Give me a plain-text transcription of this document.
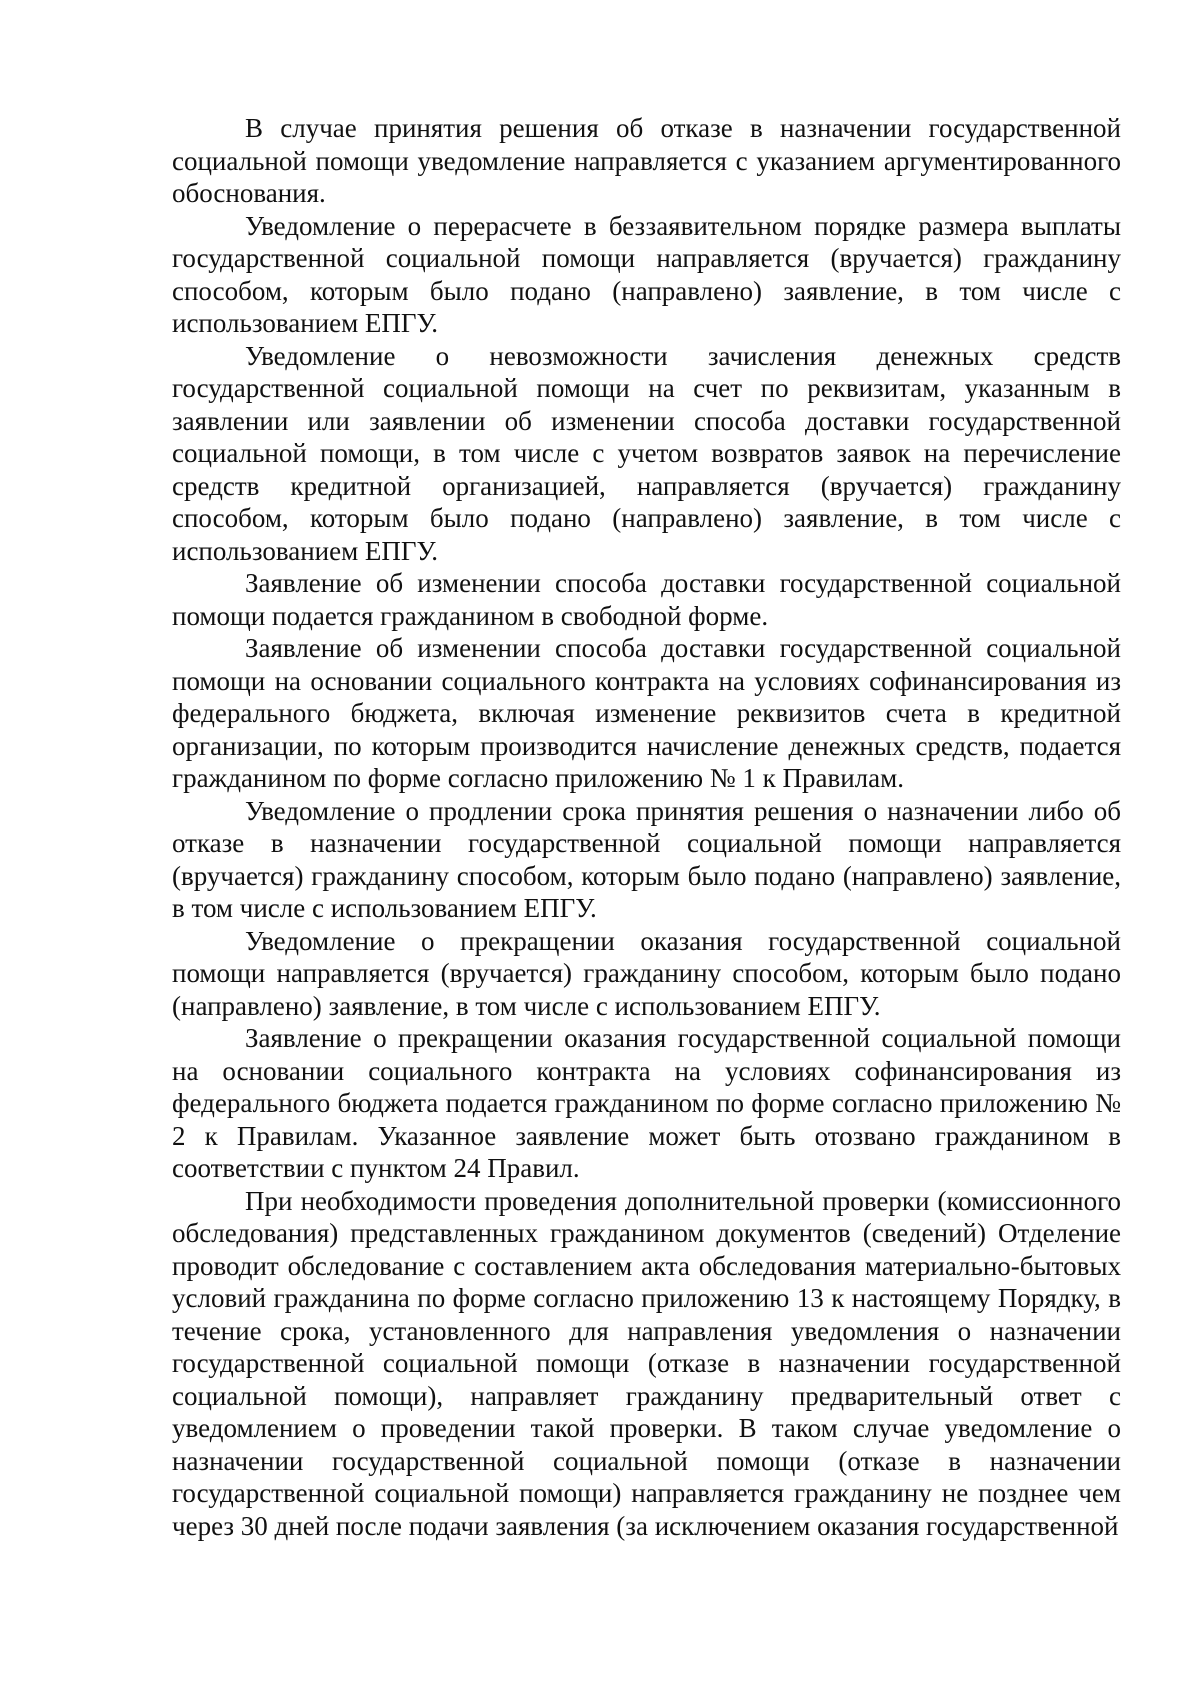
В случае принятия решения об отказе в назначении государственной социальной помощи уведомление направляется с указанием аргументированного обоснования.

Уведомление о перерасчете в беззаявительном порядке размера выплаты государственной социальной помощи направляется (вручается) гражданину способом, которым было подано (направлено) заявление, в том числе с использованием ЕПГУ.

Уведомление о невозможности зачисления денежных средств государственной социальной помощи на счет по реквизитам, указанным в заявлении или заявлении об изменении способа доставки государственной социальной помощи, в том числе с учетом возвратов заявок на перечисление средств кредитной организацией, направляется (вручается) гражданину способом, которым было подано (направлено) заявление, в том числе с использованием ЕПГУ.

Заявление об изменении способа доставки государственной социальной помощи подается гражданином в свободной форме.

Заявление об изменении способа доставки государственной социальной помощи на основании социального контракта на условиях софинансирования из федерального бюджета, включая изменение реквизитов счета в кредитной организации, по которым производится начисление денежных средств, подается гражданином по форме согласно приложению № 1 к Правилам.

Уведомление о продлении срока принятия решения о назначении либо об отказе в назначении государственной социальной помощи направляется (вручается) гражданину способом, которым было подано (направлено) заявление, в том числе с использованием ЕПГУ.

Уведомление о прекращении оказания государственной социальной помощи направляется (вручается) гражданину способом, которым было подано (направлено) заявление, в том числе с использованием ЕПГУ.

Заявление о прекращении оказания государственной социальной помощи на основании социального контракта на условиях софинансирования из федерального бюджета подается гражданином по форме согласно приложению № 2 к Правилам. Указанное заявление может быть отозвано гражданином в соответствии с пунктом 24 Правил.

При необходимости проведения дополнительной проверки (комиссионного обследования) представленных гражданином документов (сведений) Отделение проводит обследование с составлением акта обследования материально-бытовых условий гражданина по форме согласно приложению 13 к настоящему Порядку, в течение срока, установленного для направления уведомления о назначении государственной социальной помощи (отказе в назначении государственной социальной помощи), направляет гражданину предварительный ответ с уведомлением о проведении такой проверки. В таком случае уведомление о назначении государственной социальной помощи (отказе в назначении государственной социальной помощи) направляется гражданину не позднее чем через 30 дней после подачи заявления (за исключением оказания государственной
